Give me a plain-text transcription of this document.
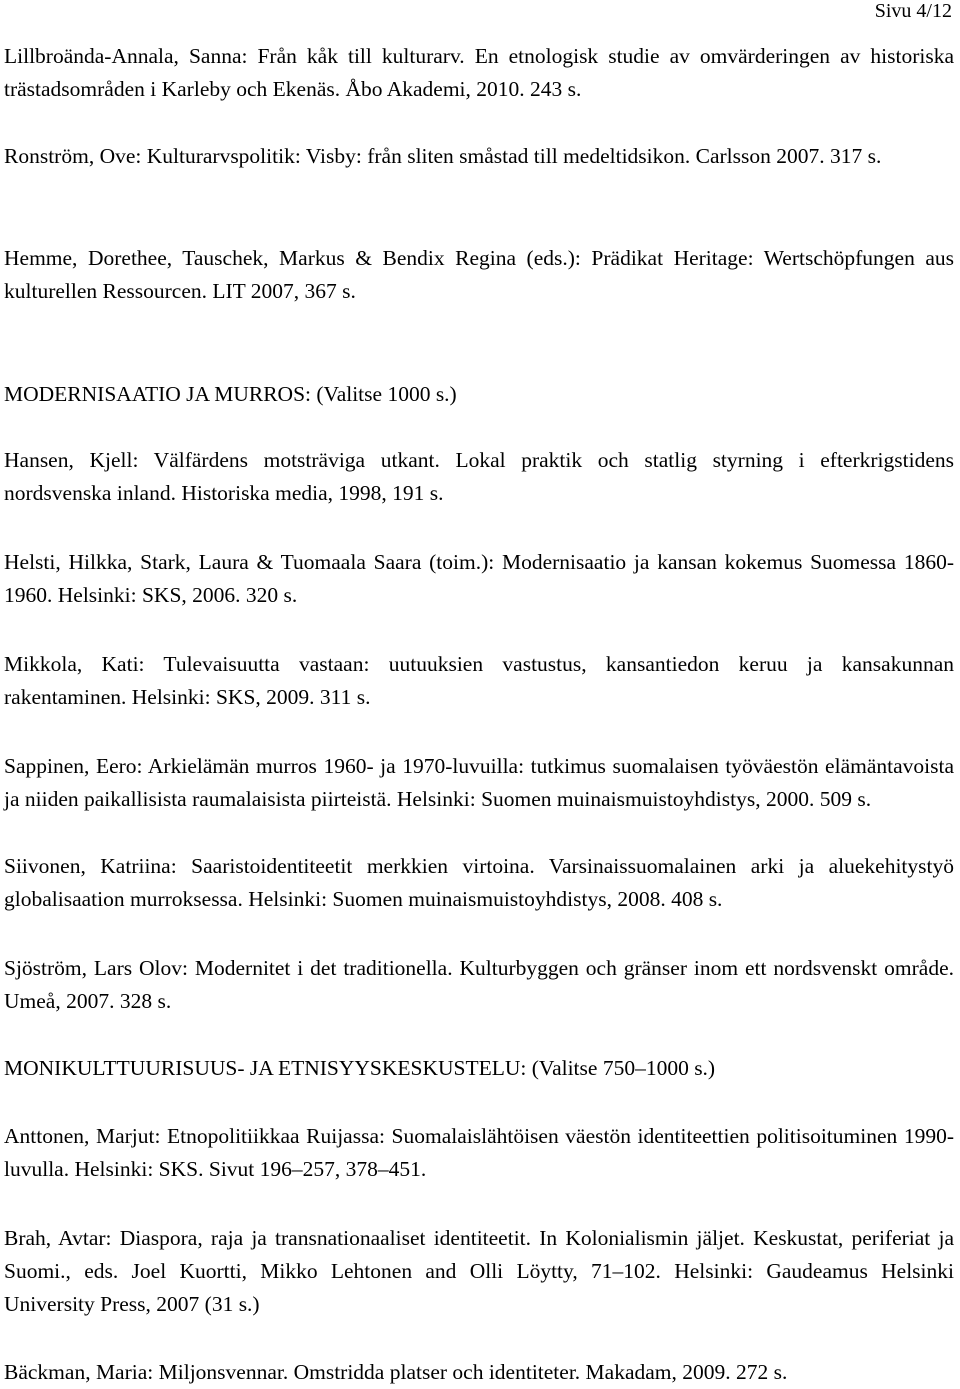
Sivu 4/12
Lillbroända-Annala, Sanna: Från kåk till kulturarv. En etnologisk studie av omvärderingen av historiska trästadsområden i Karleby och Ekenäs. Åbo Akademi, 2010. 243 s.
Ronström, Ove: Kulturarvspolitik: Visby: från sliten småstad till medeltidsikon. Carlsson 2007. 317 s.
Hemme, Dorethee, Tauschek, Markus & Bendix Regina (eds.): Prädikat Heritage: Wertschöpfungen aus kulturellen Ressourcen. LIT 2007, 367 s.
MODERNISAATIO JA MURROS: (Valitse 1000 s.)
Hansen, Kjell: Välfärdens motsträviga utkant. Lokal praktik och statlig styrning i efterkrigstidens nordsvenska inland. Historiska media, 1998, 191 s.
Helsti, Hilkka, Stark, Laura & Tuomaala Saara (toim.): Modernisaatio ja kansan kokemus Suomessa 1860-1960. Helsinki: SKS, 2006. 320 s.
Mikkola, Kati: Tulevaisuutta vastaan: uutuuksien vastustus, kansantiedon keruu ja kansakunnan rakentaminen. Helsinki: SKS, 2009. 311 s.
Sappinen, Eero: Arkielämän murros 1960- ja 1970-luvuilla: tutkimus suomalaisen työväestön elämäntavoista ja niiden paikallisista raumalaisista piirteistä. Helsinki: Suomen muinaismuistoyhdistys, 2000. 509 s.
Siivonen, Katriina: Saaristoidentiteetit merkkien virtoina. Varsinaissuomalainen arki ja aluekehitystyö globalisaation murroksessa. Helsinki: Suomen muinaismuistoyhdistys, 2008. 408 s.
Sjöström, Lars Olov: Modernitet i det traditionella. Kulturbyggen och gränser inom ett nordsvenskt område. Umeå, 2007. 328 s.
MONIKULTTUURISUUS- JA ETNISYYSKESKUSTELU: (Valitse 750–1000 s.)
Anttonen, Marjut: Etnopolitiikkaa Ruijassa: Suomalaislähtöisen väestön identiteettien politisoituminen 1990-luvulla. Helsinki: SKS. Sivut 196–257, 378–451.
Brah, Avtar: Diaspora, raja ja transnationaaliset identiteetit. In Kolonialismin jäljet. Keskustat, periferiat ja Suomi., eds. Joel Kuortti, Mikko Lehtonen and Olli Löytty, 71–102. Helsinki: Gaudeamus Helsinki University Press, 2007 (31 s.)
Bäckman, Maria: Miljonsvennar. Omstridda platser och identiteter. Makadam, 2009. 272 s.
